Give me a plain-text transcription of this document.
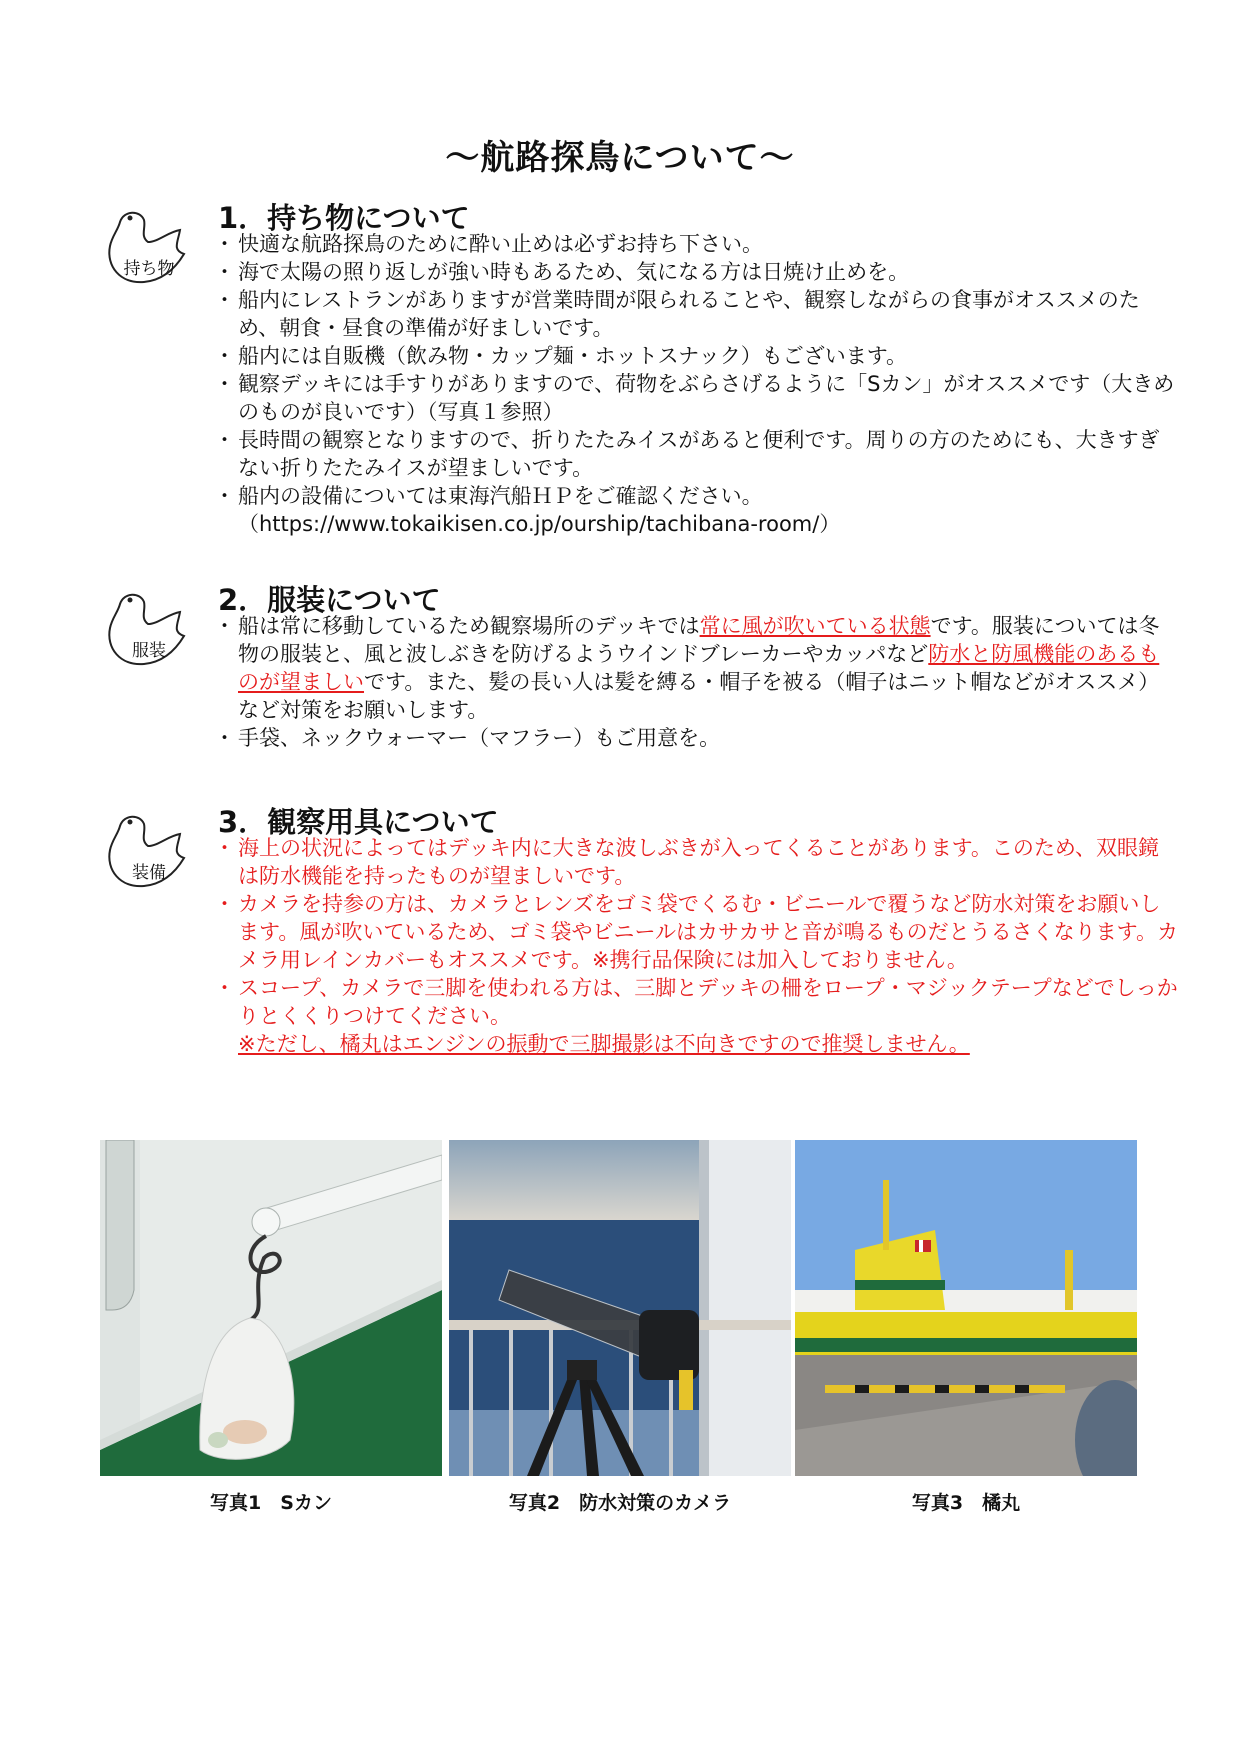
～航路探鳥について～
持ち物
1．持ち物について
・ 快適な航路探鳥のために酔い止めは必ずお持ち下さい。
・ 海で太陽の照り返しが強い時もあるため、気になる方は日焼け止めを。
・ 船内にレストランがありますが営業時間が限られることや、観察しながらの食事がオススメのため、朝食・昼食の準備が好ましいです。
・ 船内には自販機（飲み物・カップ麺・ホットスナック）もございます。
・ 観察デッキには手すりがありますので、荷物をぶらさげるように「Sカン」がオススメです（大きめのものが良いです）（写真１参照）
・ 長時間の観察となりますので、折りたたみイスがあると便利です。周りの方のためにも、大きすぎない折りたたみイスが望ましいです。
・ 船内の設備については東海汽船ＨＰをご確認ください。（https://www.tokaikisen.co.jp/ourship/tachibana-room/）
服装
2．服装について
・ 船は常に移動しているため観察場所のデッキでは常に風が吹いている状態です。服装については冬物の服装と、風と波しぶきを防げるようウインドブレーカーやカッパなど防水と防風機能のあるものが望ましいです。また、髪の長い人は髪を縛る・帽子を被る（帽子はニット帽などがオススメ）など対策をお願いします。
・ 手袋、ネックウォーマー（マフラー）もご用意を。
装備
3．観察用具について
・ 海上の状況によってはデッキ内に大きな波しぶきが入ってくることがあります。このため、双眼鏡は防水機能を持ったものが望ましいです。
・ カメラを持参の方は、カメラとレンズをゴミ袋でくるむ・ビニールで覆うなど防水対策をお願いします。風が吹いているため、ゴミ袋やビニールはカサカサと音が鳴るものだとうるさくなります。カメラ用レインカバーもオススメです。※携行品保険には加入しておりません。
・ スコープ、カメラで三脚を使われる方は、三脚とデッキの柵をロープ・マジックテープなどでしっかりとくくりつけてください。
※ただし、橘丸はエンジンの振動で三脚撮影は不向きですので推奨しません。
写真1　Sカン	写真2　防水対策のカメラ	写真3　橘丸
